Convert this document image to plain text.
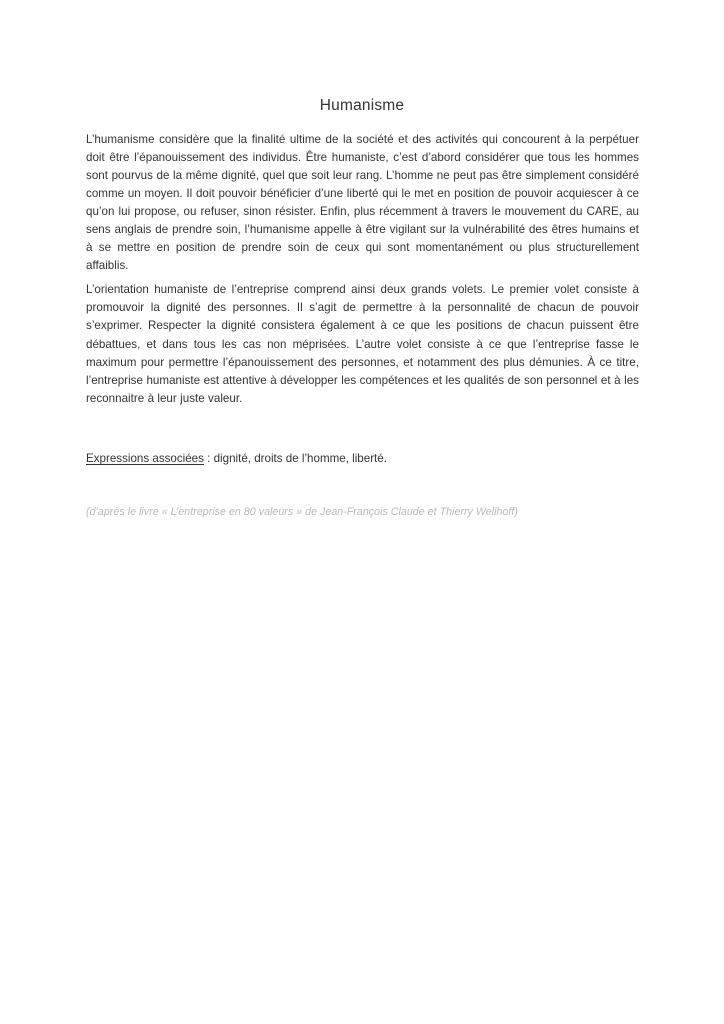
Humanisme

L’humanisme considère que la finalité ultime de la société et des activités qui concourent à la perpétuer doit être l’épanouissement des individus. Être humaniste, c’est d’abord considérer que tous les hommes sont pourvus de la même dignité, quel que soit leur rang. L’homme ne peut pas être simplement considéré comme un moyen. Il doit pouvoir bénéficier d’une liberté qui le met en position de pouvoir acquiescer à ce qu’on lui propose, ou refuser, sinon résister. Enfin, plus récemment à travers le mouvement du CARE, au sens anglais de prendre soin, l’humanisme appelle à être vigilant sur la vulnérabilité des êtres humains et à se mettre en position de prendre soin de ceux qui sont momentanément ou plus structurellement affaiblis.

L’orientation humaniste de l’entreprise comprend ainsi deux grands volets. Le premier volet consiste à promouvoir la dignité des personnes. Il s’agit de permettre à la personnalité de chacun de pouvoir s’exprimer. Respecter la dignité consistera également à ce que les positions de chacun puissent être débattues, et dans tous les cas non méprisées. L’autre volet consiste à ce que l’entreprise fasse le maximum pour permettre l’épanouissement des personnes, et notamment des plus démunies. À ce titre, l’entreprise humaniste est attentive à développer les compétences et les qualités de son personnel et à les reconnaitre à leur juste valeur.

Expressions associées : dignité, droits de l’homme, liberté.
(d’après le livre « L’entreprise en 80 valeurs » de Jean-François Claude et Thierry Wellhoff)
